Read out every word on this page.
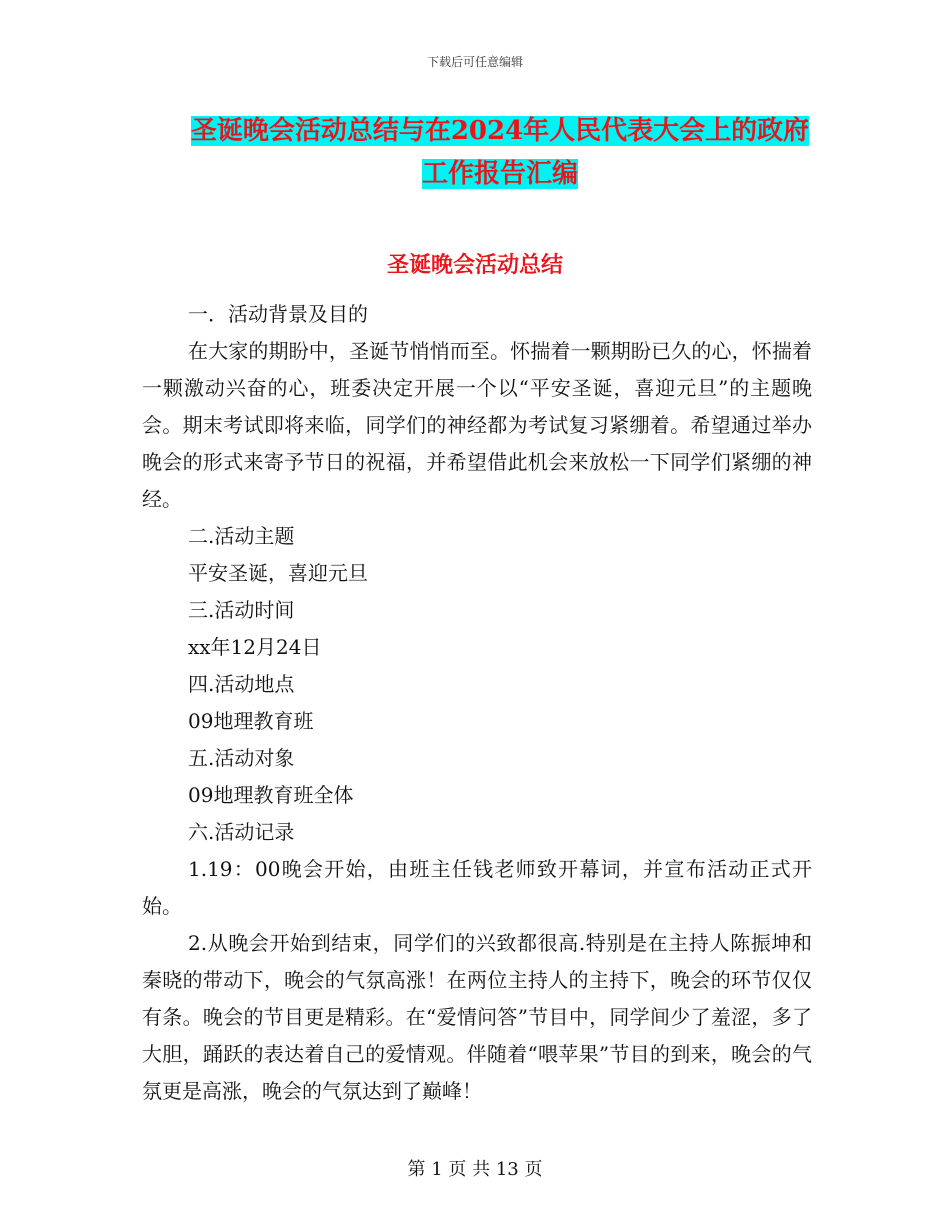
下载后可任意编辑
圣诞晚会活动总结与在2024年人民代表大会上的政府
工作报告汇编
圣诞晚会活动总结

一．活动背景及目的

在大家的期盼中，圣诞节悄悄而至。怀揣着一颗期盼已久的心，怀揣着一颗激动兴奋的心，班委决定开展一个以“平安圣诞，喜迎元旦”的主题晚会。期末考试即将来临，同学们的神经都为考试复习紧绷着。希望通过举办晚会的形式来寄予节日的祝福，并希望借此机会来放松一下同学们紧绷的神经。

二.活动主题

平安圣诞，喜迎元旦

三.活动时间

xx年12月24日

四.活动地点

09地理教育班

五.活动对象

09地理教育班全体

六.活动记录

1.19：00晚会开始，由班主任钱老师致开幕词，并宣布活动正式开始。

2.从晚会开始到结束，同学们的兴致都很高.特别是在主持人陈振坤和秦晓的带动下，晚会的气氛高涨！在两位主持人的主持下，晚会的环节仅仅有条。晚会的节目更是精彩。在“爱情问答”节目中，同学间少了羞涩，多了大胆，踊跃的表达着自己的爱情观。伴随着“喂苹果”节目的到来，晚会的气氛更是高涨，晚会的气氛达到了巅峰！

第 1 页 共 13 页
